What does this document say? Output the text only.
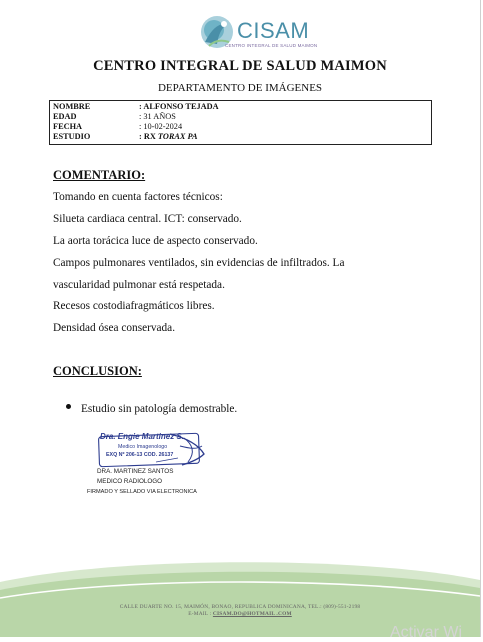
CISAM
CENTRO INTEGRAL DE SALUD MAIMON
CENTRO INTEGRAL DE SALUD MAIMON
DEPARTAMENTO DE IMÁGENES
NOMBRE	: ALFONSO TEJADA
EDAD	: 31 AÑOS
FECHA	: 10-02-2024
ESTUDIO	: RX TORAX PA
COMENTARIO:
Tomando en cuenta factores técnicos:
Silueta cardiaca central. ICT: conservado.
La aorta torácica luce de aspecto conservado.
Campos pulmonares ventilados, sin evidencias de infiltrados. La
vascularidad pulmonar está respetada.
Recesos costodiafragmáticos libres.
Densidad ósea conservada.
CONCLUSION:
Estudio sin patología demostrable.
Dra. Engie Martinez S.
Medico Imagenologo
EXQ Nº 206-13 COD. 26137
DRA. MARTINEZ SANTOS
MEDICO RADIOLOGO
FIRMADO Y SELLADO VIA ELECTRONICA
CALLE DUARTE NO. 15, MAIMÓN, BONAO, REPUBLICA DOMINICANA, TEL.: (809)-551-2198
E-MAIL : CISAM.DO@HOTMAIL .COM
Activar Wi
